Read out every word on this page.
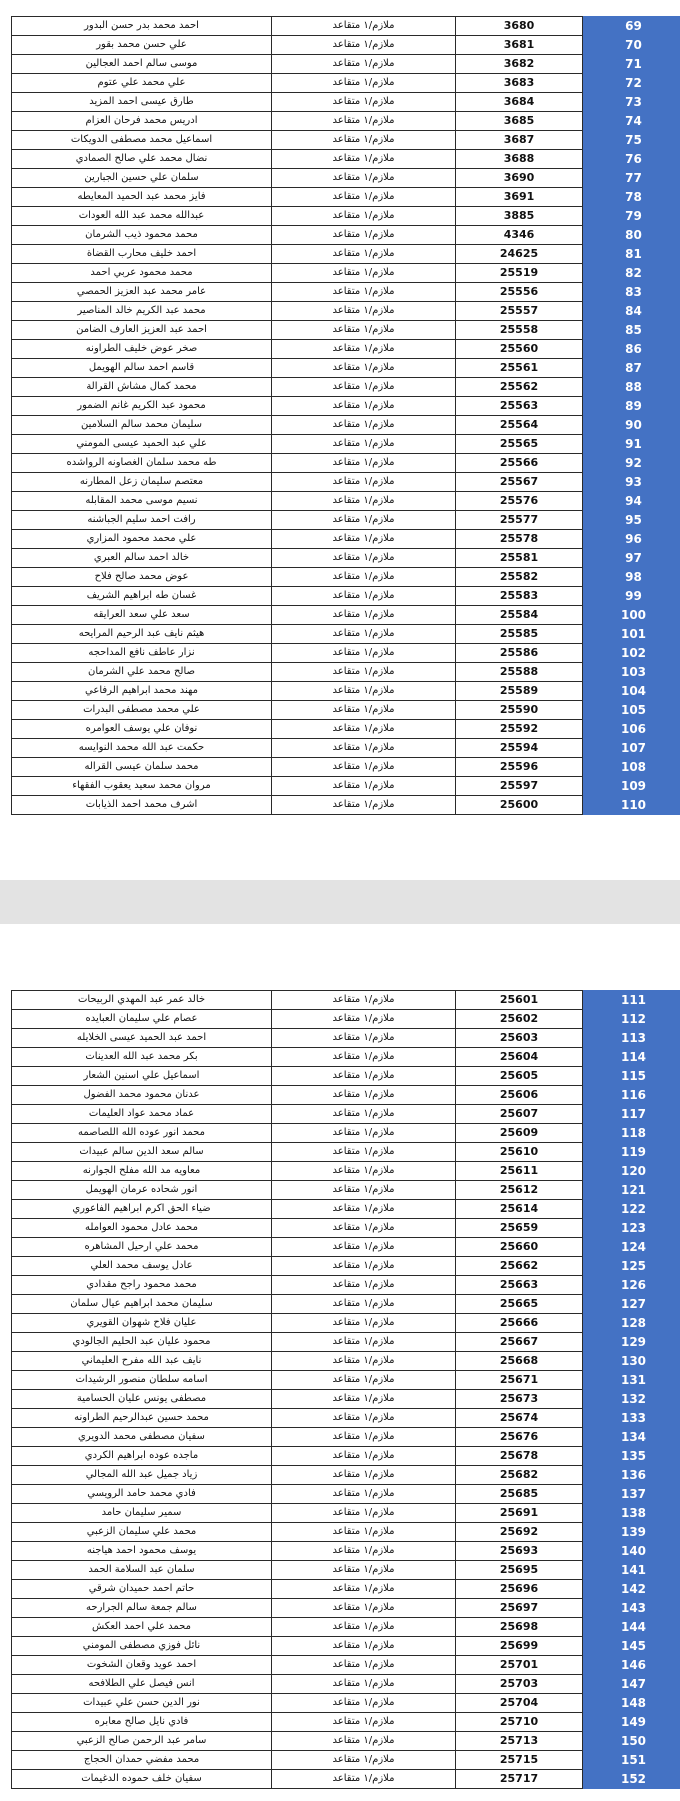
احمد محمد بدر حسن البدور	ملازم/١ متقاعد	3680	69
علي حسن محمد بقور	ملازم/١ متقاعد	3681	70
موسى سالم احمد العجالين	ملازم/١ متقاعد	3682	71
علي محمد علي عتوم	ملازم/١ متقاعد	3683	72
طارق عيسى احمد المزيد	ملازم/١ متقاعد	3684	73
ادريس محمد فرحان العزام	ملازم/١ متقاعد	3685	74
اسماعيل محمد مصطفى الدويكات	ملازم/١ متقاعد	3687	75
نضال محمد علي صالح الصمادي	ملازم/١ متقاعد	3688	76
سلمان علي حسين الجبارين	ملازم/١ متقاعد	3690	77
فايز محمد عبد الحميد المعايطه	ملازم/١ متقاعد	3691	78
عبدالله محمد عبد الله العودات	ملازم/١ متقاعد	3885	79
محمد محمود ذيب الشرمان	ملازم/١ متقاعد	4346	80
احمد خليف محارب القضاة	ملازم/١ متقاعد	24625	81
محمد محمود عربي احمد	ملازم/١ متقاعد	25519	82
عامر محمد عبد العزيز الحمصي	ملازم/١ متقاعد	25556	83
محمد عبد الكريم خالد المناصير	ملازم/١ متقاعد	25557	84
احمد عبد العزيز العارف الضامن	ملازم/١ متقاعد	25558	85
صخر عوض خليف الطراونه	ملازم/١ متقاعد	25560	86
قاسم احمد سالم الهويمل	ملازم/١ متقاعد	25561	87
محمد كمال مشاش القرالة	ملازم/١ متقاعد	25562	88
محمود عبد الكريم غانم الضمور	ملازم/١ متقاعد	25563	89
سليمان محمد سالم السلامين	ملازم/١ متقاعد	25564	90
علي عبد الحميد عيسى المومني	ملازم/١ متقاعد	25565	91
طه محمد سلمان الغصاونه الرواشده	ملازم/١ متقاعد	25566	92
معتصم سليمان زعل المطارنه	ملازم/١ متقاعد	25567	93
نسيم موسى محمد المقابله	ملازم/١ متقاعد	25576	94
رافت احمد سليم الجباشنه	ملازم/١ متقاعد	25577	95
علي محمد محمود المزاري	ملازم/١ متقاعد	25578	96
خالد احمد سالم العبري	ملازم/١ متقاعد	25581	97
عوض محمد صالح فلاح	ملازم/١ متقاعد	25582	98
غسان طه ابراهيم الشريف	ملازم/١ متقاعد	25583	99
سعد علي سعد العرايقه	ملازم/١ متقاعد	25584	100
هيثم نايف عبد الرحيم المرايحه	ملازم/١ متقاعد	25585	101
نزار عاطف نافع المداحجه	ملازم/١ متقاعد	25586	102
صالح محمد علي الشرمان	ملازم/١ متقاعد	25588	103
مهند محمد ابراهيم الرفاعي	ملازم/١ متقاعد	25589	104
علي محمد مصطفى البدرات	ملازم/١ متقاعد	25590	105
نوفان علي يوسف العوامره	ملازم/١ متقاعد	25592	106
حكمت عبد الله محمد النوايسه	ملازم/١ متقاعد	25594	107
محمد سلمان عيسى القراله	ملازم/١ متقاعد	25596	108
مروان محمد سعيد يعقوب الفقهاء	ملازم/١ متقاعد	25597	109
اشرف محمد احمد الذيابات	ملازم/١ متقاعد	25600	110
خالد عمر عبد المهدي الربيحات	ملازم/١ متقاعد	25601	111
عصام علي سليمان العبايده	ملازم/١ متقاعد	25602	112
احمد عبد الحميد عيسى الخلايله	ملازم/١ متقاعد	25603	113
بكر محمد عبد الله العدينات	ملازم/١ متقاعد	25604	114
اسماعيل علي اسنين الشعار	ملازم/١ متقاعد	25605	115
عدنان محمود محمد الفضول	ملازم/١ متقاعد	25606	116
عماد محمد عواد العليمات	ملازم/١ متقاعد	25607	117
محمد انور عوده الله اللصاصمه	ملازم/١ متقاعد	25609	118
سالم سعد الدين سالم عبيدات	ملازم/١ متقاعد	25610	119
معاويه مد الله مفلح الجوارنه	ملازم/١ متقاعد	25611	120
انور شحاده عرمان الهويمل	ملازم/١ متقاعد	25612	121
ضياء الحق اكرم ابراهيم الفاعوري	ملازم/١ متقاعد	25614	122
محمد عادل محمود العوامله	ملازم/١ متقاعد	25659	123
محمد علي ارحيل المشاهره	ملازم/١ متقاعد	25660	124
عادل يوسف محمد العلي	ملازم/١ متقاعد	25662	125
محمد محمود راجح مقدادي	ملازم/١ متقاعد	25663	126
سليمان محمد ابراهيم عيال سلمان	ملازم/١ متقاعد	25665	127
عليان فلاح شهوان القويري	ملازم/١ متقاعد	25666	128
محمود عليان عبد الحليم الجالودي	ملازم/١ متقاعد	25667	129
نايف عبد الله مفرح العليماني	ملازم/١ متقاعد	25668	130
اسامه سلطان منصور الرشيدات	ملازم/١ متقاعد	25671	131
مصطفى يونس عليان الحسامية	ملازم/١ متقاعد	25673	132
محمد حسين عبدالرحيم الطراونه	ملازم/١ متقاعد	25674	133
سفيان مصطفى محمد الدويري	ملازم/١ متقاعد	25676	134
ماجده عوده ابراهيم الكردي	ملازم/١ متقاعد	25678	135
زياد جميل عبد الله المجالي	ملازم/١ متقاعد	25682	136
فادي محمد حامد الرويسي	ملازم/١ متقاعد	25685	137
سمير سليمان حامد	ملازم/١ متقاعد	25691	138
محمد علي سليمان الزعبي	ملازم/١ متقاعد	25692	139
يوسف محمود احمد هياجنه	ملازم/١ متقاعد	25693	140
سلمان عبد السلامة الحمد	ملازم/١ متقاعد	25695	141
حاتم احمد حميدان شرقي	ملازم/١ متقاعد	25696	142
سالم جمعة سالم الجرارحه	ملازم/١ متقاعد	25697	143
محمد علي احمد العكش	ملازم/١ متقاعد	25698	144
نائل فوزي مصطفى المومني	ملازم/١ متقاعد	25699	145
احمد عويد وقعان الشخوت	ملازم/١ متقاعد	25701	146
انس فيصل علي الطلافحه	ملازم/١ متقاعد	25703	147
نور الدين حسن علي عبيدات	ملازم/١ متقاعد	25704	148
فادي نايل صالح معابره	ملازم/١ متقاعد	25710	149
سامر عبد الرحمن صالح الزعبي	ملازم/١ متقاعد	25713	150
محمد مفضي حمدان الحجاج	ملازم/١ متقاعد	25715	151
سفيان خلف حموده الدغيمات	ملازم/١ متقاعد	25717	152
